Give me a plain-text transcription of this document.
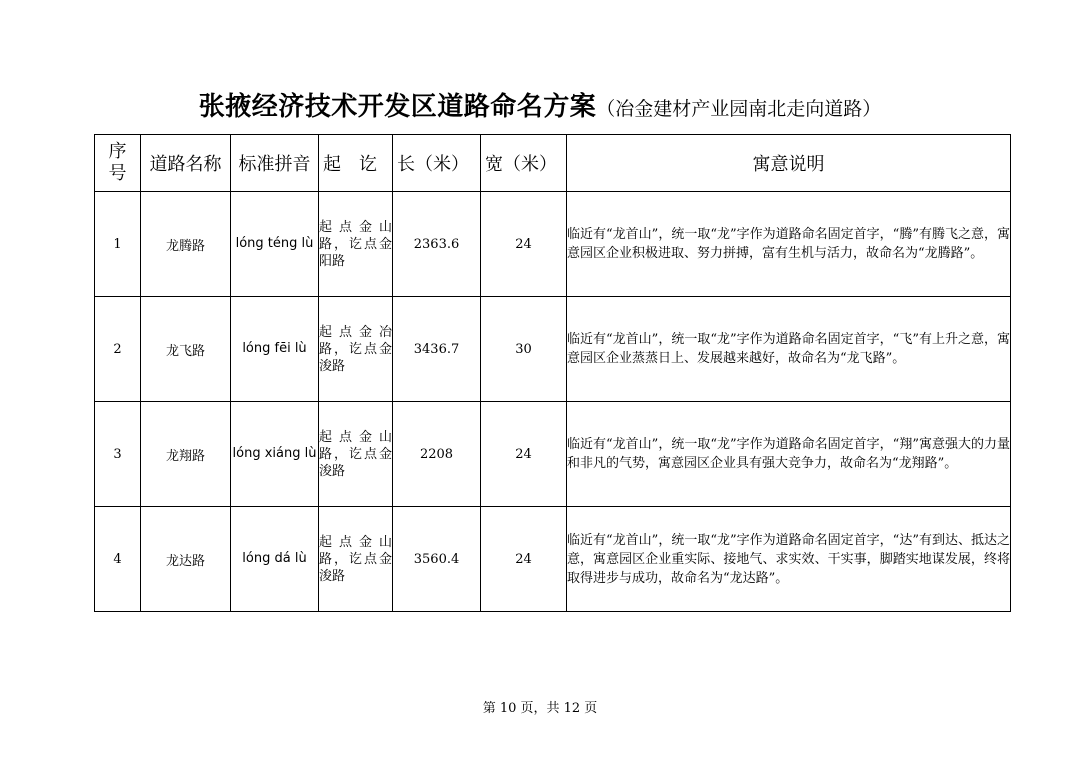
张掖经济技术开发区道路命名方案（冶金建材产业园南北走向道路）
序号	道路名称	标准拼音	起　讫	长（米）	宽（米）	寓意说明
1	龙腾路	lóng téng lù	起点金山路，讫点金阳路	2363.6	24	临近有“龙首山”，统一取“龙”字作为道路命名固定首字，“腾”有腾飞之意，寓意园区企业积极进取、努力拼搏，富有生机与活力，故命名为“龙腾路”。
2	龙飞路	lóng fēi lù	起点金冶路，讫点金浚路	3436.7	30	临近有“龙首山”，统一取“龙”字作为道路命名固定首字，“飞”有上升之意，寓意园区企业蒸蒸日上、发展越来越好，故命名为“龙飞路”。
3	龙翔路	lóng xiáng lù	起点金山路，讫点金浚路	2208	24	临近有“龙首山”，统一取“龙”字作为道路命名固定首字，“翔”寓意强大的力量和非凡的气势，寓意园区企业具有强大竞争力，故命名为“龙翔路”。
4	龙达路	lóng dá lù	起点金山路，讫点金浚路	3560.4	24	临近有“龙首山”，统一取“龙”字作为道路命名固定首字，“达”有到达、抵达之意，寓意园区企业重实际、接地气、求实效、干实事，脚踏实地谋发展，终将取得进步与成功，故命名为“龙达路”。
第 10 页，共 12 页
